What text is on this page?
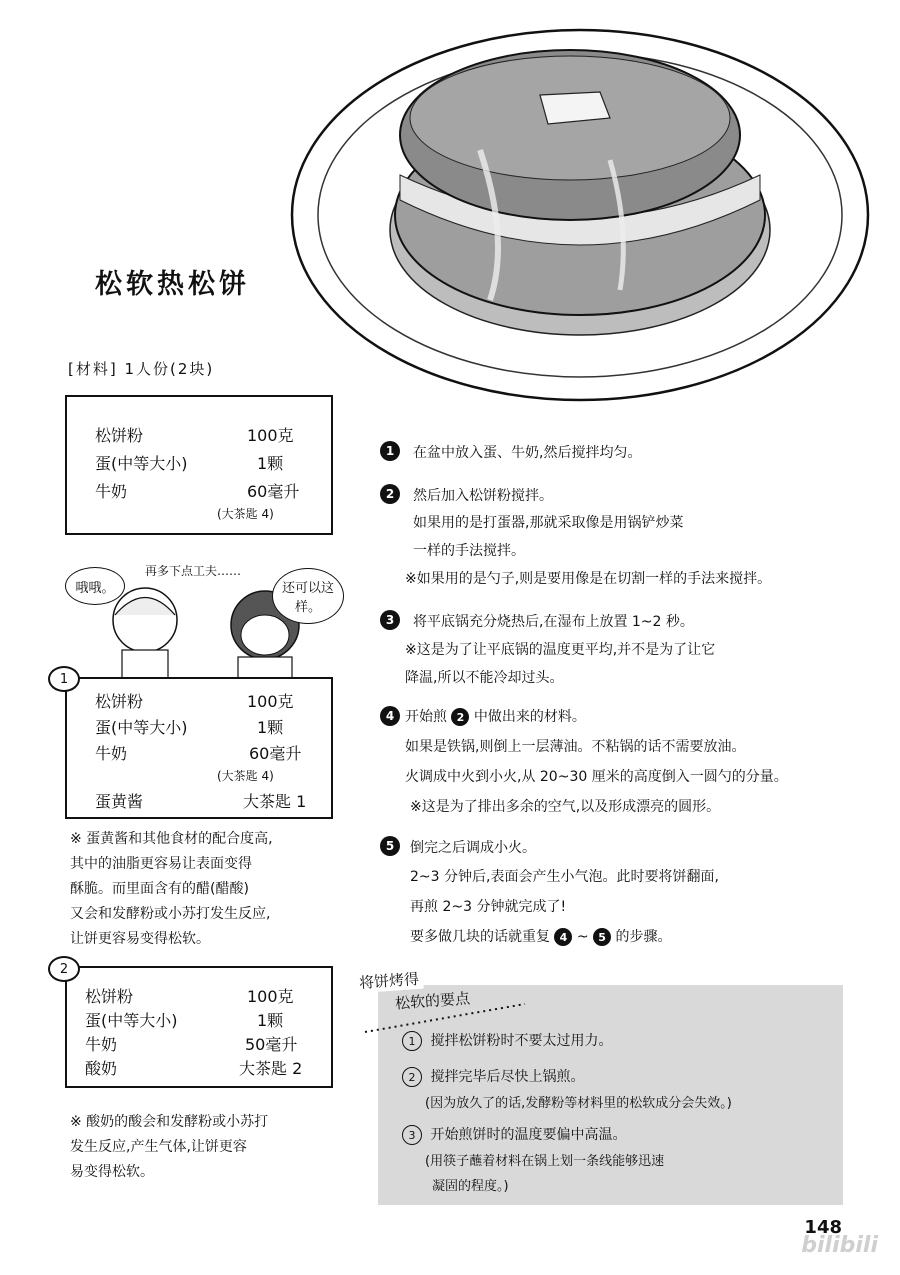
松软热松饼
[材料] 1人份(2块)
松饼粉	100克
蛋(中等大小)	1颗
牛奶	60毫升
(大茶匙 4)
哦哦。
再多下点工夫……
还可以这样。
松饼粉	100克
蛋(中等大小)	1颗
牛奶	60毫升
(大茶匙 4)
蛋黄酱	大茶匙 1
1
※ 蛋黄酱和其他食材的配合度高,
其中的油脂更容易让表面变得
酥脆。而里面含有的醋(醋酸)
又会和发酵粉或小苏打发生反应,
让饼更容易变得松软。
松饼粉	100克
蛋(中等大小)	1颗
牛奶	50毫升
酸奶	大茶匙 2
2
※ 酸奶的酸会和发酵粉或小苏打
发生反应,产生气体,让饼更容
易变得松软。
1	在盆中放入蛋、牛奶,然后搅拌均匀。
2	然后加入松饼粉搅拌。
如果用的是打蛋器,那就采取像是用锅铲炒菜
一样的手法搅拌。
※如果用的是勺子,则是要用像是在切割一样的手法来搅拌。
3	将平底锅充分烧热后,在湿布上放置 1~2 秒。
※这是为了让平底锅的温度更平均,并不是为了让它
降温,所以不能冷却过头。
4 开始煎 2 中做出来的材料。
如果是铁锅,则倒上一层薄油。不粘锅的话不需要放油。
火调成中火到小火,从 20~30 厘米的高度倒入一圆勺的分量。
※这是为了排出多余的空气,以及形成漂亮的圆形。
5	倒完之后调成小火。
2~3 分钟后,表面会产生小气泡。此时要将饼翻面,
再煎 2~3 分钟就完成了!
要多做几块的话就重复 4 ~ 5 的步骤。
将饼烤得
松软的要点
1 搅拌松饼粉时不要太过用力。
2 搅拌完毕后尽快上锅煎。
(因为放久了的话,发酵粉等材料里的松软成分会失效。)
3 开始煎饼时的温度要偏中高温。
(用筷子蘸着材料在锅上划一条线能够迅速
凝固的程度。)
148
bilibili
